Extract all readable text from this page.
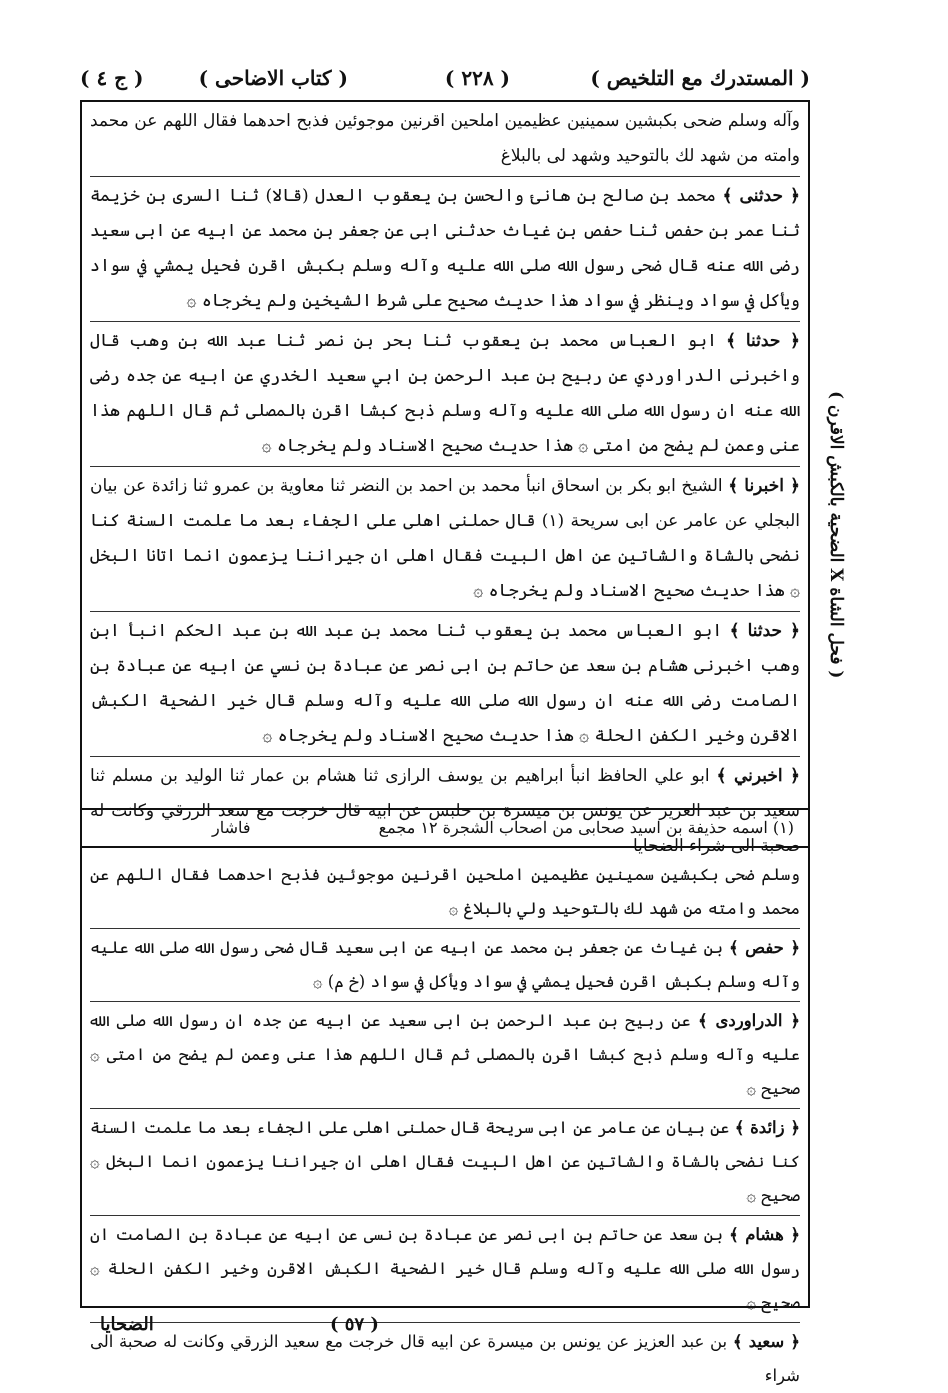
( المستدرك مع التلخيص )
( ٢٢٨ )
( كتاب الاضاحى )
( ج ٤ )
( الضحية بالكبش الاقرن X فحل الشاة )

وآله وسلم ضحى بكبشين سمينين عظيمين املحين اقرنين موجوئين فذبح احدهما فقال اللهم عن محمد وامته من شهد لك بالتوحيد وشهد لى بالبلاغ

﴿ حدثنى ﴾ محمد بن صالح بن هانئ والحسن بن يعقوب العدل (قالا) ثنا السرى بن خزيمة ثنا عمر بن حفص ثنا حفص بن غياث حدثنى ابى عن جعفر بن محمد عن ابيه عن ابى سعيد رضى الله عنه قال ضحى رسول الله صلى الله عليه وآله وسلم بكبش اقرن فحيل يمشي في سواد ويأكل في سواد وينظر في سواد هذا حديث صحيح على شرط الشيخين ولم يخرجاه ۞

﴿ حدثنا ﴾ ابو العباس محمد بن يعقوب ثنا بحر بن نصر ثنا عبد الله بن وهب قال واخبرنى الدراوردي عن ربيح بن عبد الرحمن بن ابي سعيد الخدري عن ابيه عن جده رضى الله عنه ان رسول الله صلى الله عليه وآله وسلم ذبح كبشا اقرن بالمصلى ثم قال اللهم هذا عنى وعمن لم يضح من امتى ۞ هذا حديث صحيح الاسناد ولم يخرجاه ۞

﴿ اخبرنا ﴾ الشيخ ابو بكر بن اسحاق انبأ محمد بن احمد بن النضر ثنا معاوية بن عمرو ثنا زائدة عن بيان البجلي عن عامر عن ابى سريحة (١) قال حملنى اهلى على الجفاء بعد ما علمت السنة كنا نضحى بالشاة والشاتين عن اهل البيت فقال اهلى ان جيراننا يزعمون انما اتانا البخل ۞ هذا حديث صحيح الاسناد ولم يخرجاه ۞

﴿ حدثنا ﴾ ابو العباس محمد بن يعقوب ثنا محمد بن عبد الله بن عبد الحكم انبأ ابن وهب اخبرنى هشام بن سعد عن حاتم بن ابى نصر عن عبادة بن نسي عن ابيه عن عبادة بن الصامت رضى الله عنه ان رسول الله صلى الله عليه وآله وسلم قال خير الضحية الكبش الاقرن وخير الكفن الحلة ۞ هذا حديث صحيح الاسناد ولم يخرجاه ۞

﴿ اخبرني ﴾ ابو علي الحافظ انبأ ابراهيم بن يوسف الرازى ثنا هشام بن عمار ثنا الوليد بن مسلم ثنا سعيد بن عبد العزيز عن يونس بن ميسرة بن حلبس عن ابيه قال خرجت مع سعد الزرقي وكانت له صحبة الى شراء الضحايا

(١) اسمه حذيفة بن اسيد صحابى من اصحاب الشجرة ١٢ مجمع
فاشار

وسلم ضحى بكبشين سمينين عظيمين املحين اقرنين موجوئين فذبح احدهما فقال اللهم عن محمد وامته من شهد لك بالتوحيد ولي بالبلاغ ۞

﴿ حفص ﴾ بن غياث عن جعفر بن محمد عن ابيه عن ابى سعيد قال ضحى رسول الله صلى الله عليه وآله وسلم بكبش اقرن فحيل يمشي في سواد ويأكل في سواد (خ م) ۞

﴿ الدراوردى ﴾ عن ربيح بن عبد الرحمن بن ابى سعيد عن ابيه عن جده ان رسول الله صلى الله عليه وآله وسلم ذبح كبشا اقرن بالمصلى ثم قال اللهم هذا عنى وعمن لم يضح من امتى ۞ صحيح ۞

﴿ زائدة ﴾ عن بيان عن عامر عن ابى سريحة قال حملنى اهلى على الجفاء بعد ما علمت السنة كنا نضحى بالشاة والشاتين عن اهل البيت فقال اهلى ان جيراننا يزعمون انما البخل ۞ صحيح ۞

﴿ هشام ﴾ بن سعد عن حاتم بن ابى نصر عن عبادة بن نسى عن ابيه عن عبادة بن الصامت ان رسول الله صلى الله عليه وآله وسلم قال خير الضحية الكبش الاقرن وخير الكفن الحلة ۞ صحيح ۞

﴿ سعيد ﴾ بن عبد العزيز عن يونس بن ميسرة عن ابيه قال خرجت مع سعيد الزرقي وكانت له صحبة الى شراء

( ٥٧ )
الضحايا
